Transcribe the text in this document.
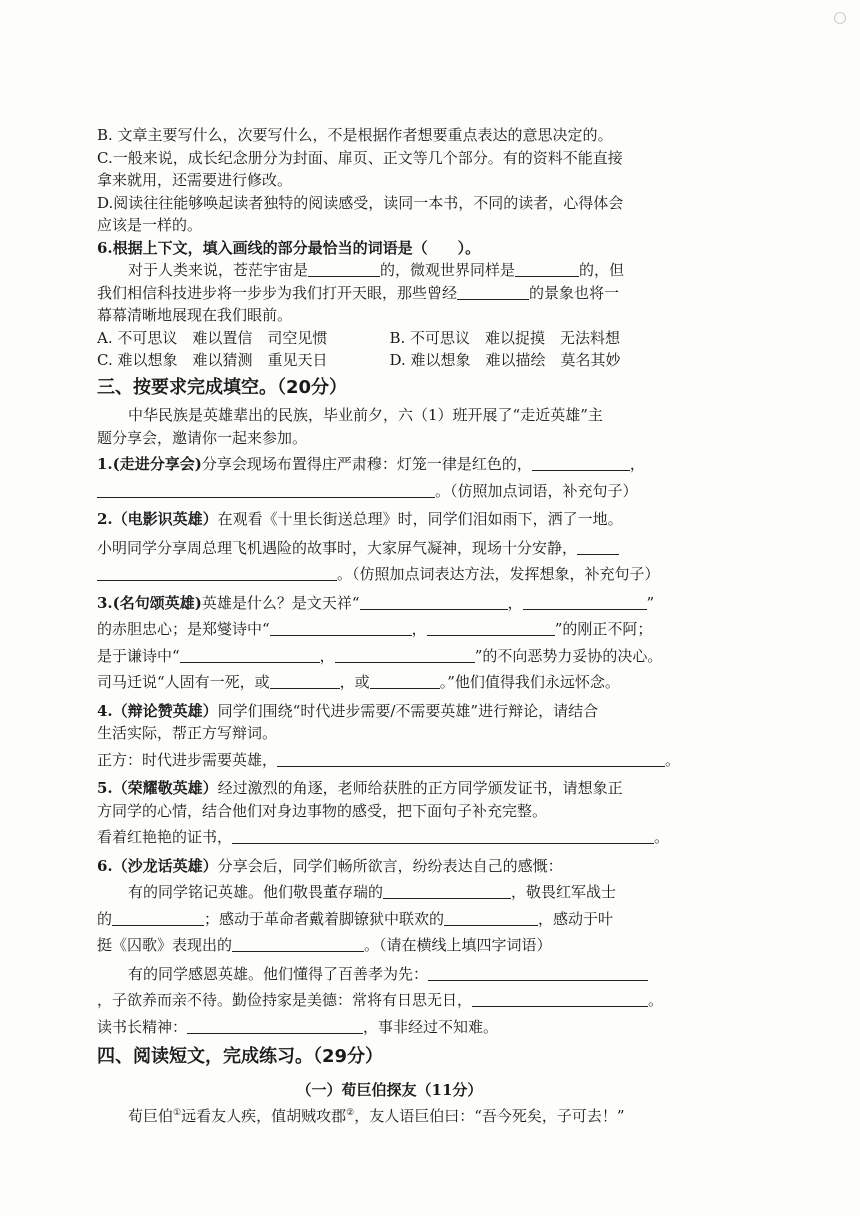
B. 文章主要写什么，次要写什么，不是根据作者想要重点表达的意思决定的。
C.一般来说，成长纪念册分为封面、扉页、正文等几个部分。有的资料不能直接
拿来就用，还需要进行修改。
D.阅读往往能够唤起读者独特的阅读感受，读同一本书，不同的读者，心得体会
应该是一样的。
6.根据上下文，填入画线的部分最恰当的词语是（　　）。
对于人类来说，苍茫宇宙是	的，微观世界同样是	的，但
我们相信科技进步将一步步为我们打开天眼，那些曾经	的景象也将一
幕幕清晰地展现在我们眼前。
A. 不可思议　难以置信　司空见惯	B. 不可思议　难以捉摸　无法料想
C. 难以想象　难以猜测　重见天日	D. 难以想象　难以描绘　莫名其妙
三、按要求完成填空。（20分）
中华民族是英雄辈出的民族，毕业前夕，六（1）班开展了“走近英雄”主
题分享会，邀请你一起来参加。
1.(走进分享会)分享会现场布置得庄严肃穆：灯笼一律是红色的，	，
。（仿照加点词语，补充句子）
2.（电影识英雄）在观看《十里长街送总理》时，同学们泪如雨下，洒了一地。
小明同学分享周总理飞机遇险的故事时，大家屏气凝神，现场十分安静，
。（仿照加点词表达方法，发挥想象，补充句子）
3.(名句颂英雄)英雄是什么？是文天祥“	，	”
的赤胆忠心；是郑燮诗中“	，	”的刚正不阿；
是于谦诗中“	，	”的不向恶势力妥协的决心。
司马迁说“人固有一死，或	，或	。”他们值得我们永远怀念。
4.（辩论赞英雄）同学们围绕“时代进步需要/不需要英雄”进行辩论，请结合
生活实际，帮正方写辩词。
正方：时代进步需要英雄，	。
5.（荣耀敬英雄）经过激烈的角逐，老师给获胜的正方同学颁发证书，请想象正
方同学的心情，结合他们对身边事物的感受，把下面句子补充完整。
看着红艳艳的证书，	。
6.（沙龙话英雄）分享会后，同学们畅所欲言，纷纷表达自己的感慨：
有的同学铭记英雄。他们敬畏董存瑞的	，敬畏红军战士
的	；感动于革命者戴着脚镣狱中联欢的	，感动于叶
挺《囚歌》表现出的	。（请在横线上填四字词语）
有的同学感恩英雄。他们懂得了百善孝为先：
，子欲养而亲不待。勤俭持家是美德：常将有日思无日，	。
读书长精神：	，事非经过不知难。
四、阅读短文，完成练习。（29分）
（一）荀巨伯探友（11分）
荀巨伯①远看友人疾，值胡贼攻郡②，友人语巨伯曰：“吾今死矣，子可去！”
